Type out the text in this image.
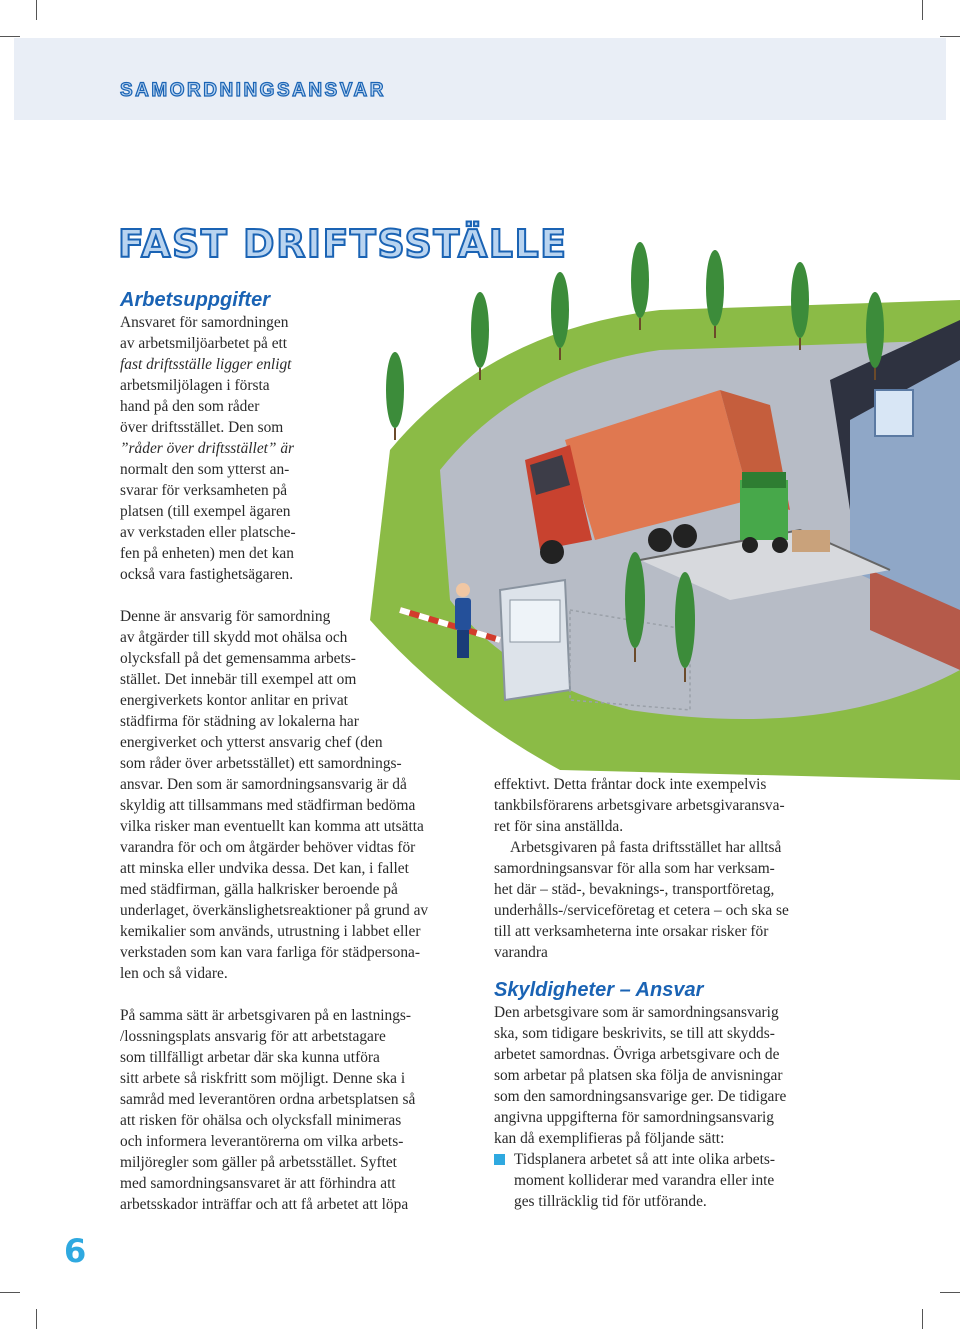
SAMORDNINGSANSVAR
FAST DRIFTSSTÄLLE
Arbetsuppgifter
Ansvaret för samordningen
av arbetsmiljöarbetet på ett
fast driftsställe ligger enligt
arbetsmiljölagen i första
hand på den som råder
över driftsstället. Den som
”råder över driftsstället” är
normalt den som ytterst an-
svarar för verksamheten på
platsen (till exempel ägaren
av verkstaden eller platsche-
fen på enheten) men det kan
också vara fastighetsägaren.
Denne är ansvarig för samordning
av åtgärder till skydd mot ohälsa och
olycksfall på det gemensamma arbets-
stället. Det innebär till exempel att om
energiverkets kontor anlitar en privat
städfirma för städning av lokalerna har
energiverket och ytterst ansvarig chef (den
som råder över arbetsstället) ett samordnings-
ansvar. Den som är samordningsansvarig är då
skyldig att tillsammans med städfirman bedöma
vilka risker man eventuellt kan komma att utsätta
varandra för och om åtgärder behöver vidtas för
att minska eller undvika dessa. Det kan, i fallet
med städfirman, gälla halkrisker beroende på
underlaget, överkänslighetsreaktioner på grund av
kemikalier som används, utrustning i labbet eller
verkstaden som kan vara farliga för städpersona-
len och så vidare.
På samma sätt är arbetsgivaren på en lastnings-
/lossningsplats ansvarig för att arbetstagare
som tillfälligt arbetar där ska kunna utföra
sitt arbete så riskfritt som möjligt. Denne ska i
samråd med leverantören ordna arbetsplatsen så
att risken för ohälsa och olycksfall minimeras
och informera leverantörerna om vilka arbets-
miljöregler som gäller på arbetsstället. Syftet
med samordningsansvaret är att förhindra att
arbetsskador inträffar och att få arbetet att löpa
effektivt. Detta fråntar dock inte exempelvis
tankbilsförarens arbetsgivare arbetsgivaransva-
ret för sina anställda.
Arbetsgivaren på fasta driftsstället har alltså
samordningsansvar för alla som har verksam-
het där – städ-, bevaknings-, transportföretag,
underhålls-/serviceföretag et cetera – och ska se
till att verksamheterna inte orsakar risker för
varandra
Skyldigheter – Ansvar
Den arbetsgivare som är samordningsansvarig
ska, som tidigare beskrivits, se till att skydds-
arbetet samordnas. Övriga arbetsgivare och de
som arbetar på platsen ska följa de anvisningar
som den samordningsansvarige ger. De tidigare
angivna uppgifterna för samordningsansvarig
kan då exemplifieras på följande sätt:
Tidsplanera arbetet så att inte olika arbets-
moment kolliderar med varandra eller inte
ges tillräcklig tid för utförande.
6
